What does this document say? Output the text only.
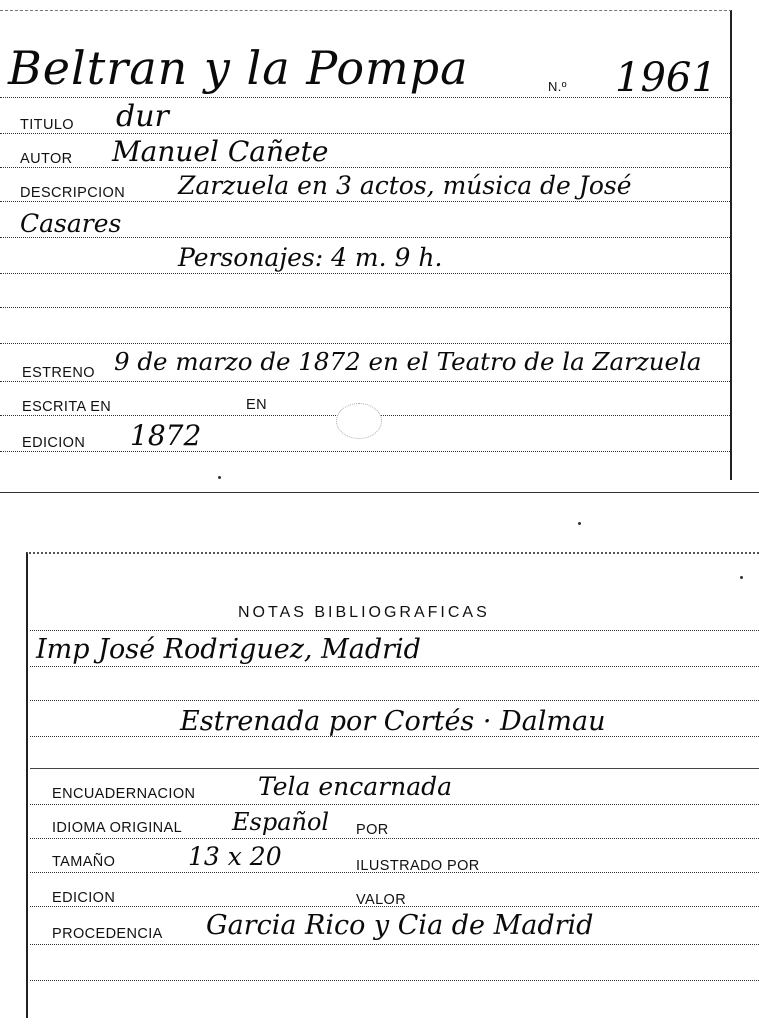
Beltran y la Pompa	N.º 1961
TITULO dur
AUTOR Manuel Cañete
DESCRIPCION Zarzuela en 3 actos, música de José
Casares
Personajes: 4 m. 9 h.
ESTRENO 9 de marzo de 1872 en el Teatro de la Zarzuela
ESCRITA EN	EN
EDICION 1872
NOTAS BIBLIOGRAFICAS
Imp José Rodriguez, Madrid
Estrenada por Cortés · Dalmau
ENCUADERNACION	Tela encarnada
IDIOMA ORIGINAL Español POR
TAMAÑO	13 x 20	ILUSTRADO POR
EDICION	VALOR
PROCEDENCIA Garcia Rico y Cia de Madrid
